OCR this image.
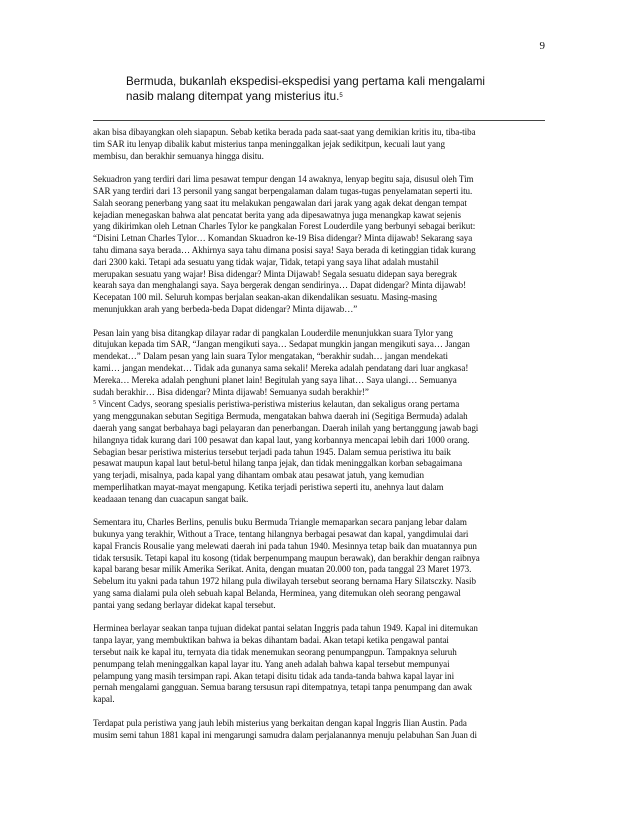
9
Bermuda, bukanlah ekspedisi-ekspedisi yang pertama kali mengalami
nasib malang ditempat yang misterius itu.$^5$

akan bisa dibayangkan oleh siapapun. Sebab ketika berada pada saat-saat yang demikian kritis itu, tiba-tiba
tim SAR itu lenyap dibalik kabut misterius tanpa meninggalkan jejak sedikitpun, kecuali laut yang
membisu, dan berakhir semuanya hingga disitu.

Sekuadron yang terdiri dari lima pesawat tempur dengan 14 awaknya, lenyap begitu saja, disusul oleh Tim
SAR yang terdiri dari 13 personil yang sangat berpengalaman dalam tugas-tugas penyelamatan seperti itu.
Salah seorang penerbang yang saat itu melakukan pengawalan dari jarak yang agak dekat dengan tempat
kejadian menegaskan bahwa alat pencatat berita yang ada dipesawatnya juga menangkap kawat sejenis
yang dikirimkan oleh Letnan Charles Tylor ke pangkalan Forest Louderdile yang berbunyi sebagai berikut:
“Disini Letnan Charles Tylor… Komandan Skuadron ke-19 Bisa didengar? Minta dijawab! Sekarang saya
tahu dimana saya berada… Akhirnya saya tahu dimana posisi saya! Saya berada di ketinggian tidak kurang
dari 2300 kaki. Tetapi ada sesuatu yang tidak wajar, Tidak, tetapi yang saya lihat adalah mustahil
merupakan sesuatu yang wajar! Bisa didengar? Minta Dijawab! Segala sesuatu didepan saya beregrak
kearah saya dan menghalangi saya. Saya bergerak dengan sendirinya… Dapat didengar? Minta dijawab!
Kecepatan 100 mil. Seluruh kompas berjalan seakan-akan dikendalikan sesuatu. Masing-masing
menunjukkan arah yang berbeda-beda Dapat didengar? Minta dijawab…”

Pesan lain yang bisa ditangkap dilayar radar di pangkalan Louderdile menunjukkan suara Tylor yang
ditujukan kepada tim SAR, “Jangan mengikuti saya… Sedapat mungkin jangan mengikuti saya… Jangan
mendekat…” Dalam pesan yang lain suara Tylor mengatakan, “berakhir sudah… jangan mendekati
kami… jangan mendekat… Tidak ada gunanya sama sekali! Mereka adalah pendatang dari luar angkasa!
Mereka… Mereka adalah penghuni planet lain! Begitulah yang saya lihat… Saya ulangi… Semuanya
sudah berakhir… Bisa didengar? Minta dijawab! Semuanya sudah berakhir!”
$^5$ Vincent Cadys, seorang spesialis peristiwa-peristiwa misterius kelautan, dan sekaligus orang pertama
yang menggunakan sebutan Segitiga Bermuda, mengatakan bahwa daerah ini (Segitiga Bermuda) adalah
daerah yang sangat berbahaya bagi pelayaran dan penerbangan. Daerah inilah yang bertanggung jawab bagi
hilangnya tidak kurang dari 100 pesawat dan kapal laut, yang korbannya mencapai lebih dari 1000 orang.
Sebagian besar peristiwa misterius tersebut terjadi pada tahun 1945. Dalam semua peristiwa itu baik
pesawat maupun kapal laut betul-betul hilang tanpa jejak, dan tidak meninggalkan korban sebagaimana
yang terjadi, misalnya, pada kapal yang dihantam ombak atau pesawat jatuh, yang kemudian
memperlihatkan mayat-mayat mengapung. Ketika terjadi peristiwa seperti itu, anehnya laut dalam
keadaaan tenang dan cuacapun sangat baik.

Sementara itu, Charles Berlins, penulis buku Bermuda Triangle memaparkan secara panjang lebar dalam
bukunya yang terakhir, Without a Trace, tentang hilangnya berbagai pesawat dan kapal, yangdimulai dari
kapal Francis Rousalie yang melewati daerah ini pada tahun 1940. Mesinnya tetap baik dan muatannya pun
tidak tersusik. Tetapi kapal itu kosong (tidak berpenumpang maupun berawak), dan berakhir dengan raibnya
kapal barang besar milik Amerika Serikat. Anita, dengan muatan 20.000 ton, pada tanggal 23 Maret 1973.
Sebelum itu yakni pada tahun 1972 hilang pula diwilayah tersebut seorang bernama Hary Silatsczky. Nasib
yang sama dialami pula oleh sebuah kapal Belanda, Herminea, yang ditemukan oleh seorang pengawal
pantai yang sedang berlayar didekat kapal tersebut.

Herminea berlayar seakan tanpa tujuan didekat pantai selatan Inggris pada tahun 1949. Kapal ini ditemukan
tanpa layar, yang membuktikan bahwa ia bekas dihantam badai. Akan tetapi ketika pengawal pantai
tersebut naik ke kapal itu, ternyata dia tidak menemukan seorang penumpangpun. Tampaknya seluruh
penumpang telah meninggalkan kapal layar itu. Yang aneh adalah bahwa kapal tersebut mempunyai
pelampung yang masih tersimpan rapi. Akan tetapi disitu tidak ada tanda-tanda bahwa kapal layar ini
pernah mengalami gangguan. Semua barang tersusun rapi ditempatnya, tetapi tanpa penumpang dan awak
kapal.

Terdapat pula peristiwa yang jauh lebih misterius yang berkaitan dengan kapal Inggris Ilian Austin. Pada
musim semi tahun 1881 kapal ini mengarungi samudra dalam perjalanannya menuju pelabuhan San Juan di
